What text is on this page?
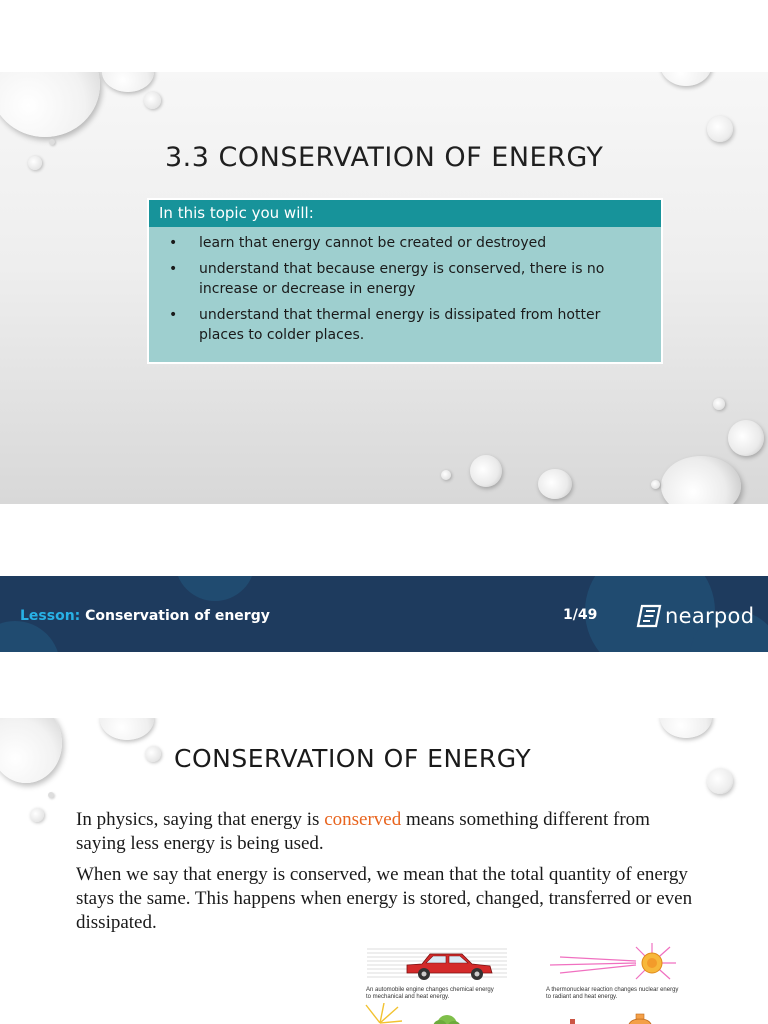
3.3 CONSERVATION OF ENERGY
In this topic you will:
• learn that energy cannot be created or destroyed
• understand that because energy is conserved, there is no increase or decrease in energy
• understand that thermal energy is dissipated from hotter places to colder places.
Lesson: Conservation of energy	1/49	nearpod
CONSERVATION OF ENERGY

In physics, saying that energy is conserved means something different from saying less energy is being used.

When we say that energy is conserved, we mean that the total quantity of energy stays the same. This happens when energy is stored, changed, transferred or even dissipated.

An automobile engine changes chemical energy to mechanical and heat energy.
A thermonuclear reaction changes nuclear energy to radiant and heat energy.
